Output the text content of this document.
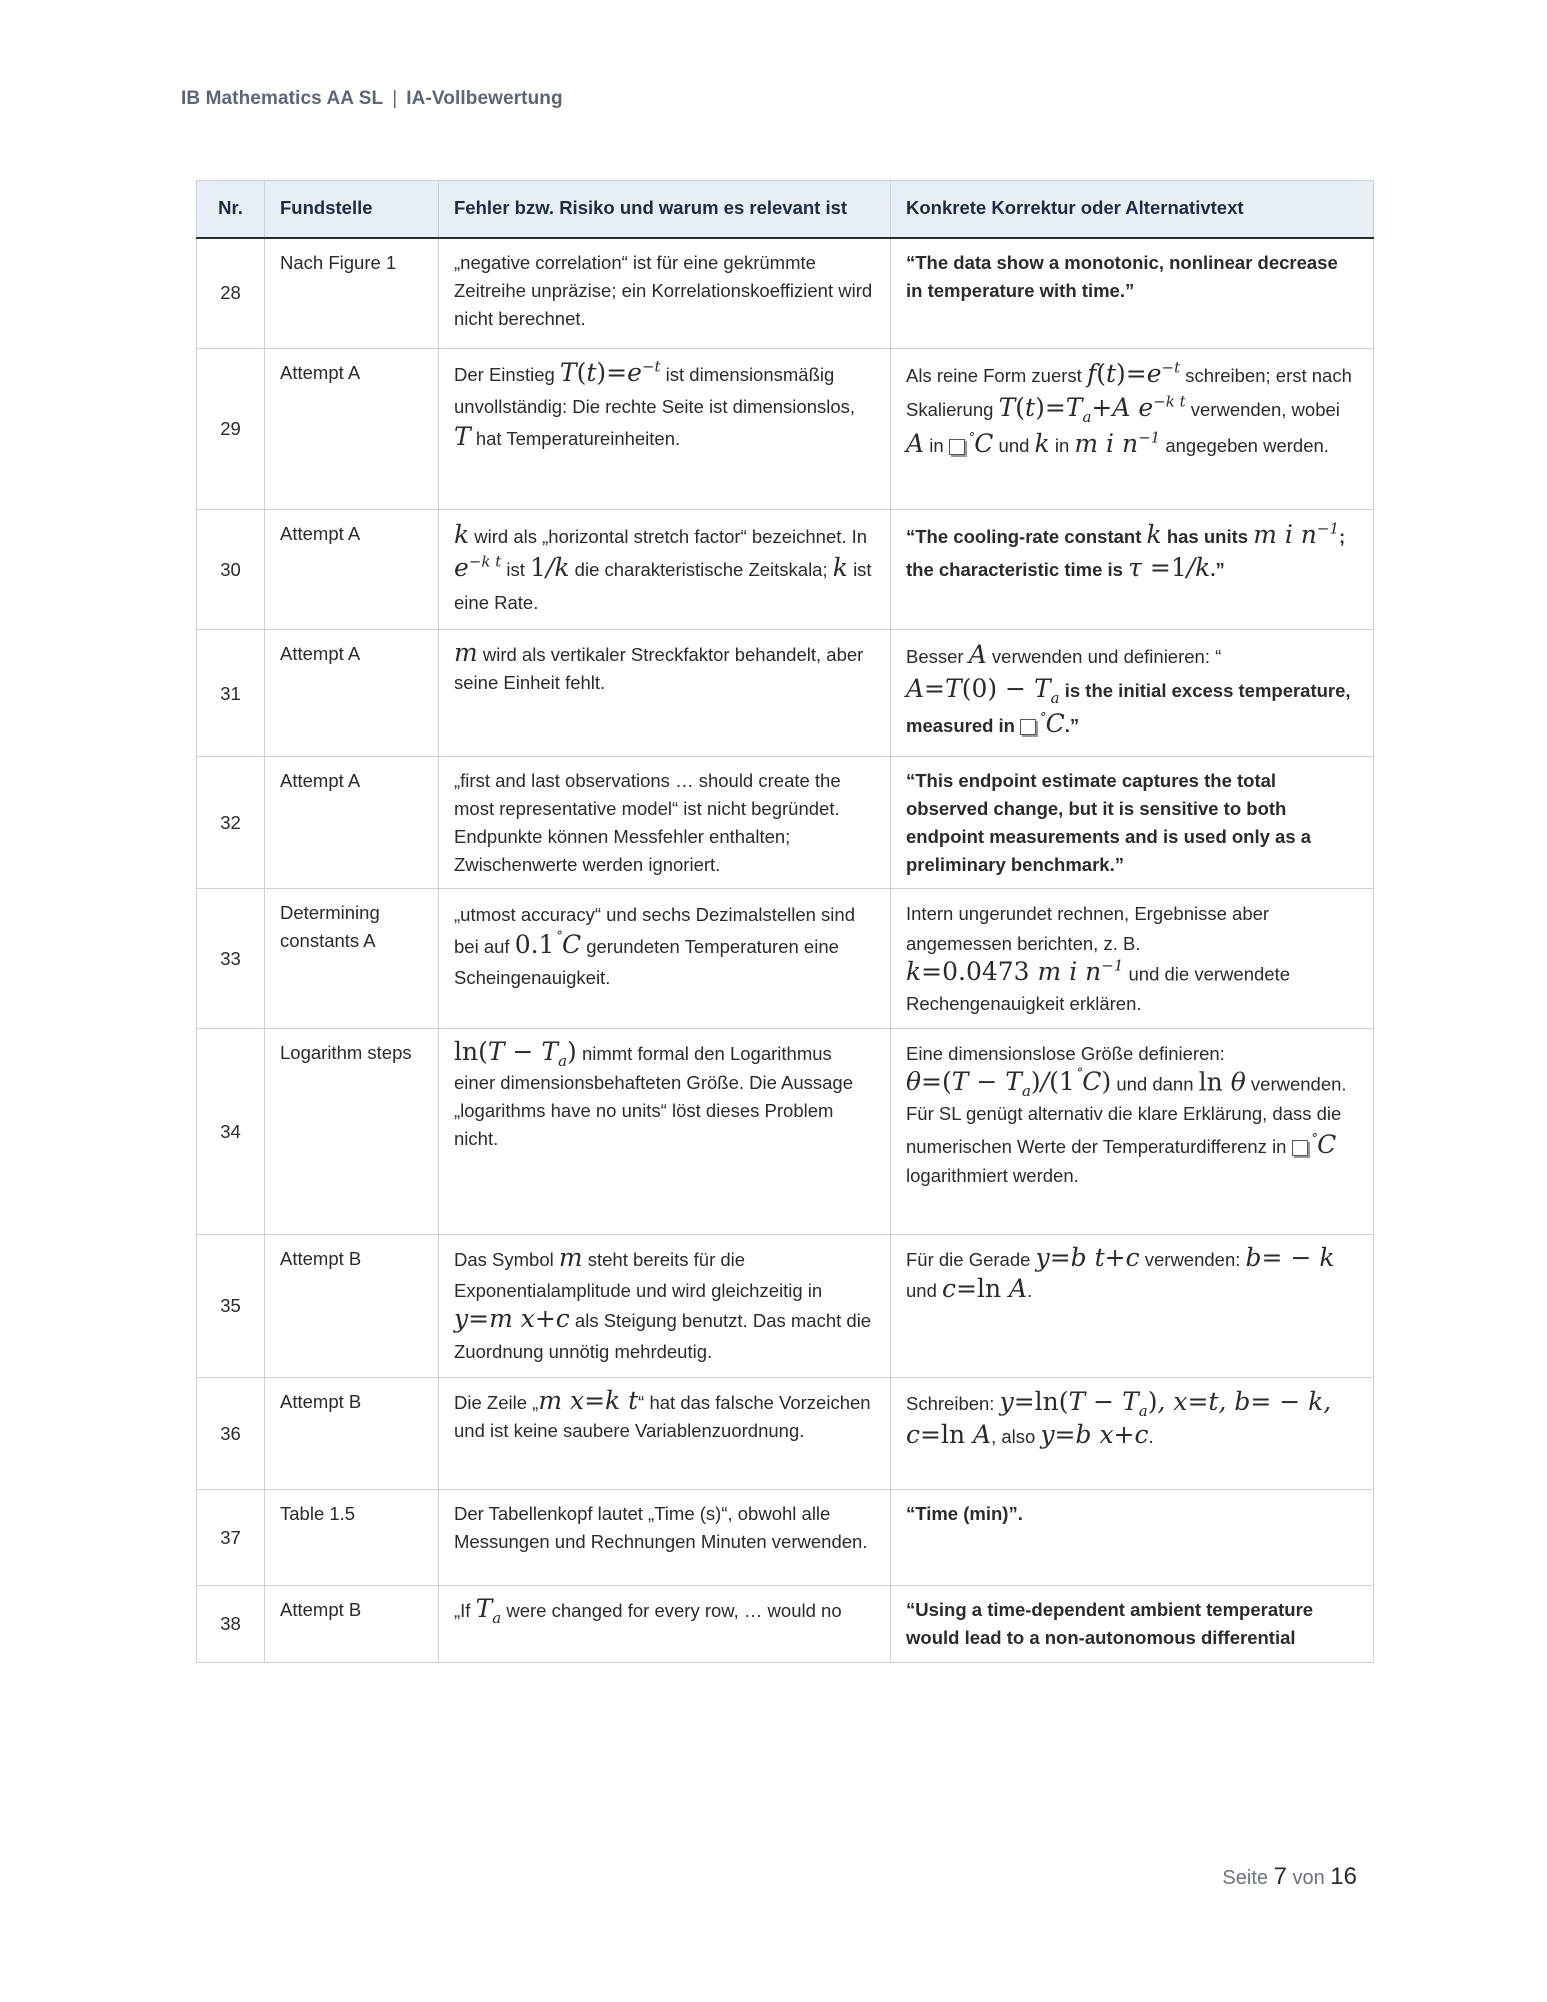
IB Mathematics AA SL | IA-Vollbewertung
Nr.	Fundstelle	Fehler bzw. Risiko und warum es relevant ist	Konkrete Korrektur oder Alternativtext
28	Nach Figure 1	„negative correlation“ ist für eine gekrümmte Zeitreihe unpräzise; ein Korrelationskoeffizient wird nicht berechnet.	“The data show a monotonic, nonlinear decrease in temperature with time.”
29	Attempt A	Der Einstieg $T(t)=e^{-t}$ ist dimensionsmäßig unvollständig: Die rechte Seite ist dimensionslos, T hat Temperatureinheiten.	Als reine Form zuerst $f(t)=e^{-t}$ schreiben; erst nach Skalierung $T(t)=T_a+A$ $e^{-k t}$ verwenden, wobei A in ˚C und k in m i $n^{-1}$ angegeben werden.
30	Attempt A	k wird als „horizontal stretch factor“ bezeichnet. In $e^{-k t}$ ist 1/k die charakteristische Zeitskala; k ist eine Rate.	“The cooling-rate constant k has units m i $n^{-1}$; the characteristic time is τ =1/k.”
31	Attempt A	m wird als vertikaler Streckfaktor behandelt, aber seine Einheit fehlt.	Besser A verwenden und definieren: “
$A=T(0) - T_a$ is the initial excess temperature, measured in ˚C.”
32	Attempt A	„first and last observations … should create the most representative model“ ist nicht begründet. Endpunkte können Messfehler enthalten; Zwischenwerte werden ignoriert.	“This endpoint estimate captures the total observed change, but it is sensitive to both endpoint measurements and is used only as a preliminary benchmark.”
33	Determining constants A	„utmost accuracy“ und sechs Dezimalstellen sind bei auf 0.1˚C gerundeten Temperaturen eine Scheingenauigkeit.	Intern ungerundet rechnen, Ergebnisse aber angemessen berichten, z. B.
k=0.0473 m i $n^{-1}$ und die verwendete Rechengenauigkeit erklären.
34	Logarithm steps	$\ln(T - T_a)$ nimmt formal den Logarithmus einer dimensionsbehafteten Größe. Die Aussage „logarithms have no units“ löst dieses Problem nicht.	Eine dimensionslose Größe definieren:
$\theta=(T - T_a)/(1^˚C)$ und dann ln θ verwenden. Für SL genügt alternativ die klare Erklärung, dass die numerischen Werte der Temperaturdifferenz in ˚C logarithmiert werden.
35	Attempt B	Das Symbol m steht bereits für die Exponentialamplitude und wird gleichzeitig in y=m x+c als Steigung benutzt. Das macht die Zuordnung unnötig mehrdeutig.	Für die Gerade y=b t+c verwenden: b= − k
und c=ln A.
36	Attempt B	Die Zeile „m x=k t“ hat das falsche Vorzeichen und ist keine saubere Variablenzuordnung.	Schreiben: $y=\ln(T - T_a)$, x=t, b= − k,
c=ln A, also y=b x+c.
37	Table 1.5	Der Tabellenkopf lautet „Time (s)“, obwohl alle Messungen und Rechnungen Minuten verwenden.	“Time (min)”.
38	Attempt B	„If $T_a$ were changed for every row, … would no	“Using a time-dependent ambient temperature would lead to a non-autonomous differential
Seite 7 von 16
